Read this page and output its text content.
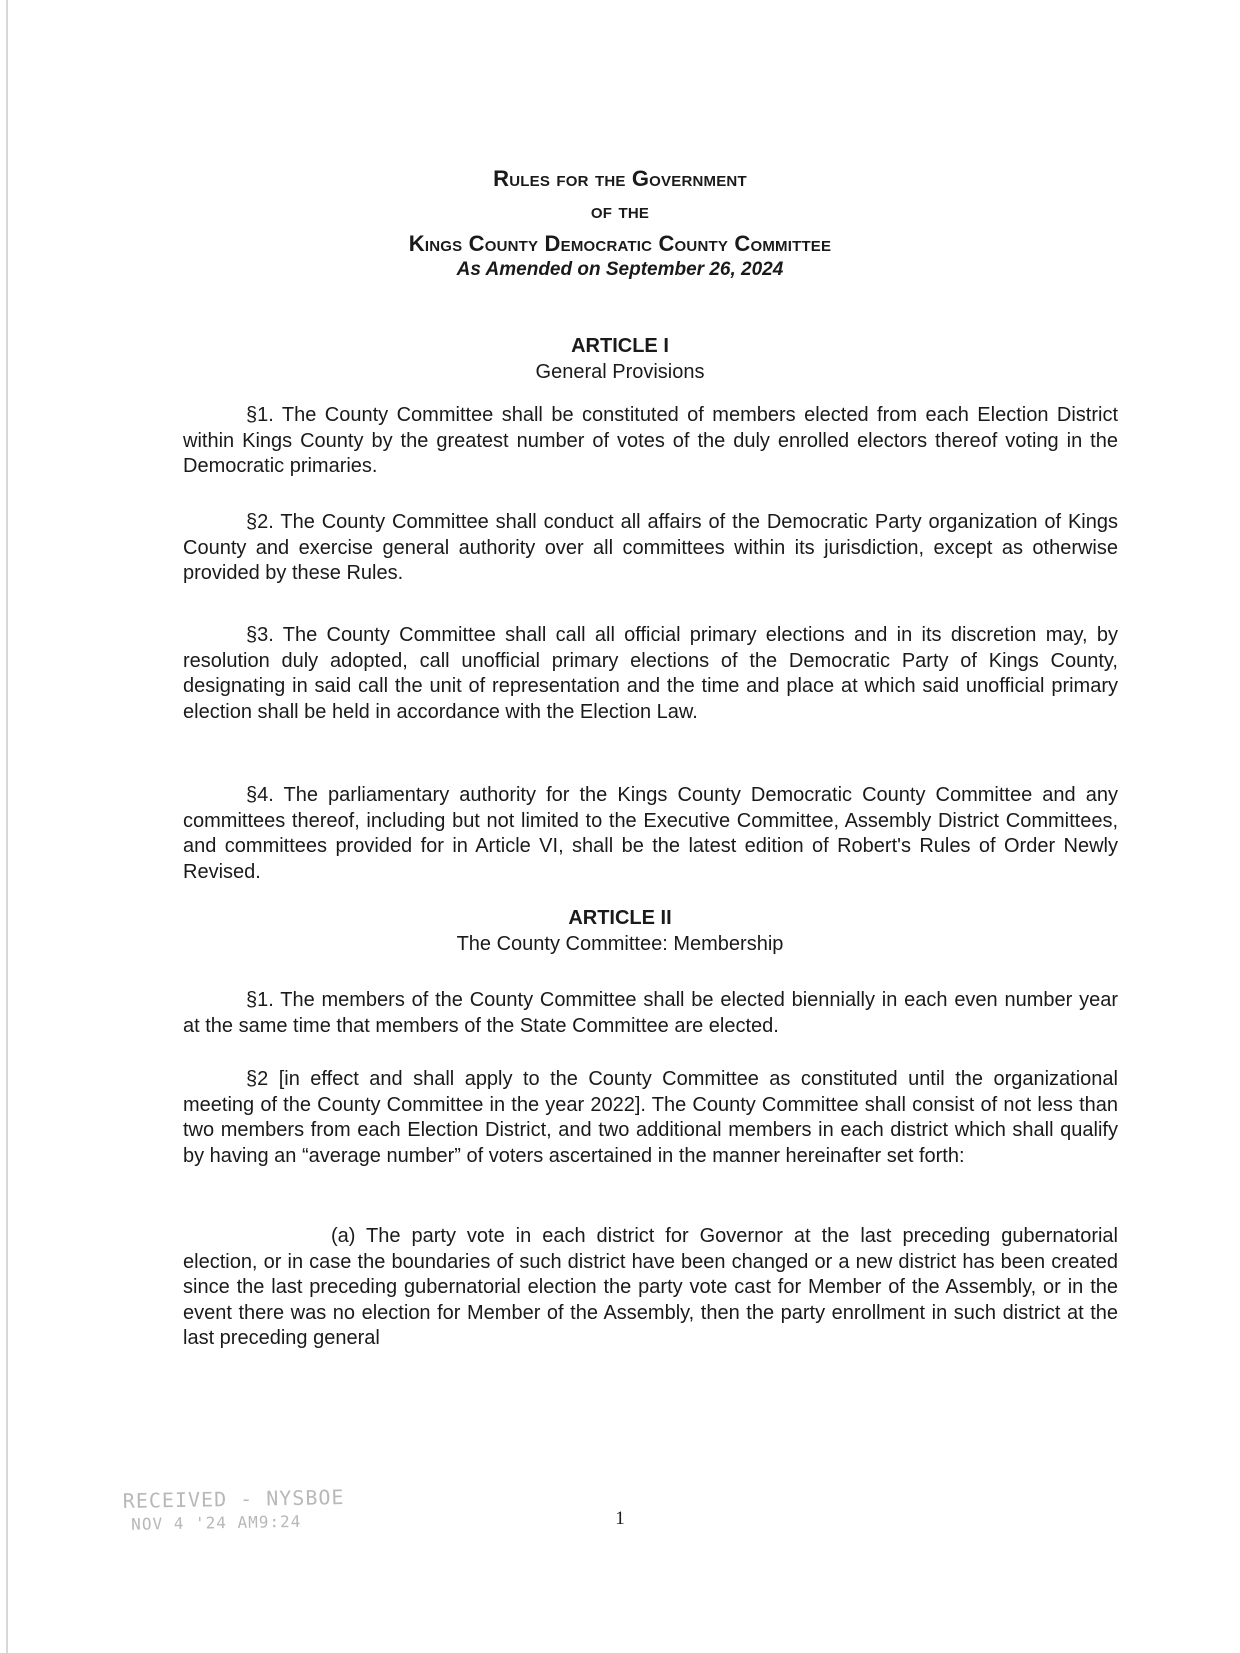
Rules for the Government
of the
Kings County Democratic County Committee
As Amended on September 26, 2024
ARTICLE I
General Provisions

§1. The County Committee shall be constituted of members elected from each Election District within Kings County by the greatest number of votes of the duly enrolled electors thereof voting in the Democratic primaries.

§2. The County Committee shall conduct all affairs of the Democratic Party organization of Kings County and exercise general authority over all committees within its jurisdiction, except as otherwise provided by these Rules.

§3. The County Committee shall call all official primary elections and in its discretion may, by resolution duly adopted, call unofficial primary elections of the Democratic Party of Kings County, designating in said call the unit of representation and the time and place at which said unofficial primary election shall be held in accordance with the Election Law.

§4. The parliamentary authority for the Kings County Democratic County Committee and any committees thereof, including but not limited to the Executive Committee, Assembly District Committees, and committees provided for in Article VI, shall be the latest edition of Robert's Rules of Order Newly Revised.

ARTICLE II
The County Committee: Membership

§1. The members of the County Committee shall be elected biennially in each even number year at the same time that members of the State Committee are elected.

§2 [in effect and shall apply to the County Committee as constituted until the organizational meeting of the County Committee in the year 2022]. The County Committee shall consist of not less than two members from each Election District, and two additional members in each district which shall qualify by having an “average number” of voters ascertained in the manner hereinafter set forth:

(a) The party vote in each district for Governor at the last preceding gubernatorial election, or in case the boundaries of such district have been changed or a new district has been created since the last preceding gubernatorial election the party vote cast for Member of the Assembly, or in the event there was no election for Member of the Assembly, then the party enrollment in such district at the last preceding general

RECEIVED - NYSBOE
NOV 4 '24 AM9:24	1
